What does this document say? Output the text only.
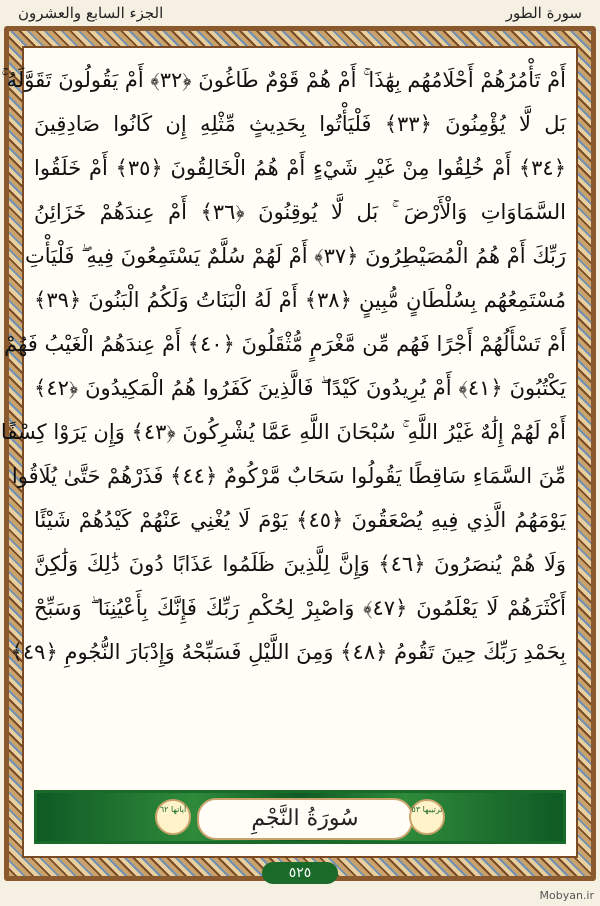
الجزء السابع والعشرون	سورة الطور
أَمْ تَأْمُرُهُمْ أَحْلَامُهُم بِهَٰذَا ۚ أَمْ هُمْ قَوْمٌ طَاغُونَ ﴿٣٢﴾ أَمْ يَقُولُونَ تَقَوَّلَهُ ۚ
بَل لَّا يُؤْمِنُونَ ﴿٣٣﴾ فَلْيَأْتُوا بِحَدِيثٍ مِّثْلِهِ إِن كَانُوا صَادِقِينَ
﴿٣٤﴾ أَمْ خُلِقُوا مِنْ غَيْرِ شَيْءٍ أَمْ هُمُ الْخَالِقُونَ ﴿٣٥﴾ أَمْ خَلَقُوا
السَّمَاوَاتِ وَالْأَرْضَ ۚ بَل لَّا يُوقِنُونَ ﴿٣٦﴾ أَمْ عِندَهُمْ خَزَائِنُ
رَبِّكَ أَمْ هُمُ الْمُصَيْطِرُونَ ﴿٣٧﴾ أَمْ لَهُمْ سُلَّمٌ يَسْتَمِعُونَ فِيهِ ۖ فَلْيَأْتِ
مُسْتَمِعُهُم بِسُلْطَانٍ مُّبِينٍ ﴿٣٨﴾ أَمْ لَهُ الْبَنَاتُ وَلَكُمُ الْبَنُونَ ﴿٣٩﴾
أَمْ تَسْأَلُهُمْ أَجْرًا فَهُم مِّن مَّغْرَمٍ مُّثْقَلُونَ ﴿٤٠﴾ أَمْ عِندَهُمُ الْغَيْبُ فَهُمْ
يَكْتُبُونَ ﴿٤١﴾ أَمْ يُرِيدُونَ كَيْدًا ۖ فَالَّذِينَ كَفَرُوا هُمُ الْمَكِيدُونَ ﴿٤٢﴾
أَمْ لَهُمْ إِلَٰهٌ غَيْرُ اللَّهِ ۚ سُبْحَانَ اللَّهِ عَمَّا يُشْرِكُونَ ﴿٤٣﴾ وَإِن يَرَوْا كِسْفًا
مِّنَ السَّمَاءِ سَاقِطًا يَقُولُوا سَحَابٌ مَّرْكُومٌ ﴿٤٤﴾ فَذَرْهُمْ حَتَّىٰ يُلَاقُوا
يَوْمَهُمُ الَّذِي فِيهِ يُصْعَقُونَ ﴿٤٥﴾ يَوْمَ لَا يُغْنِي عَنْهُمْ كَيْدُهُمْ شَيْئًا
وَلَا هُمْ يُنصَرُونَ ﴿٤٦﴾ وَإِنَّ لِلَّذِينَ ظَلَمُوا عَذَابًا دُونَ ذَٰلِكَ وَلَٰكِنَّ
أَكْثَرَهُمْ لَا يَعْلَمُونَ ﴿٤٧﴾ وَاصْبِرْ لِحُكْمِ رَبِّكَ فَإِنَّكَ بِأَعْيُنِنَا ۖ وَسَبِّحْ
بِحَمْدِ رَبِّكَ حِينَ تَقُومُ ﴿٤٨﴾ وَمِنَ اللَّيْلِ فَسَبِّحْهُ وَإِدْبَارَ النُّجُومِ ﴿٤٩﴾
آياتها ٦٢	سُورَةُ النَّجْمِ	ترتيبها ٥٣
٥٢٥
Mobyan.ir
